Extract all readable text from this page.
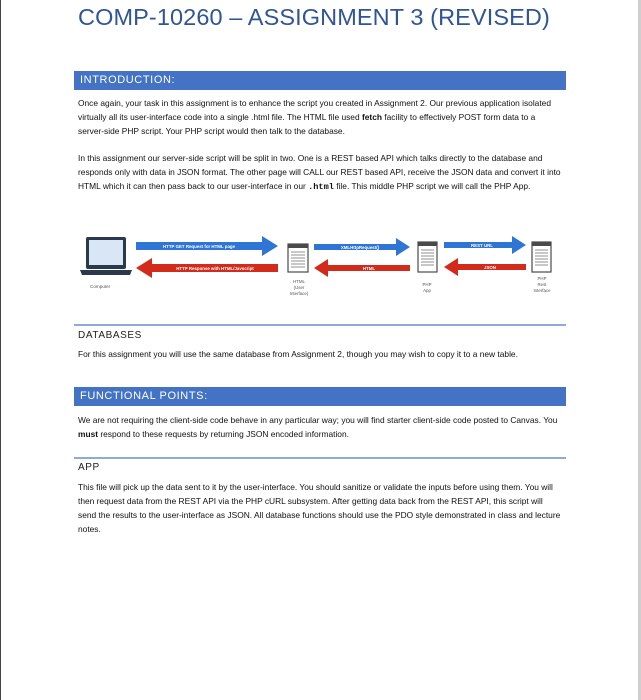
COMP-10260 – ASSIGNMENT 3 (REVISED)
INTRODUCTION:
Once again, your task in this assignment is to enhance the script you created in Assignment 2. Our previous application isolated virtually all its user-interface code into a single .html file. The HTML file used fetch facility to effectively POST form data to a server-side PHP script. Your PHP script would then talk to the database.
In this assignment our server-side script will be split in two. One is a REST based API which talks directly to the database and responds only with data in JSON format. The other page will CALL our REST based API, receive the JSON data and convert it into HTML which it can then pass back to our user-interface in our .html file. This middle PHP script we will call the PHP App.
Computer
HTTP GET Request for HTML page
HTTP Response with HTML/Javscript
HTML
(User
Interface)
XMLHttpRequest()
HTML
PHP
App
REST URL
JSON
PHP
Rest
Interface
DATABASES
For this assignment you will use the same database from Assignment 2, though you may wish to copy it to a new table.
FUNCTIONAL POINTS:
We are not requiring the client-side code behave in any particular way; you will find starter client-side code posted to Canvas. You must respond to these requests by returning JSON encoded information.
APP
This file will pick up the data sent to it by the user-interface. You should sanitize or validate the inputs before using them. You will then request data from the REST API via the PHP cURL subsystem. After getting data back from the REST API, this script will send the results to the user-interface as JSON. All database functions should use the PDO style demonstrated in class and lecture notes.
